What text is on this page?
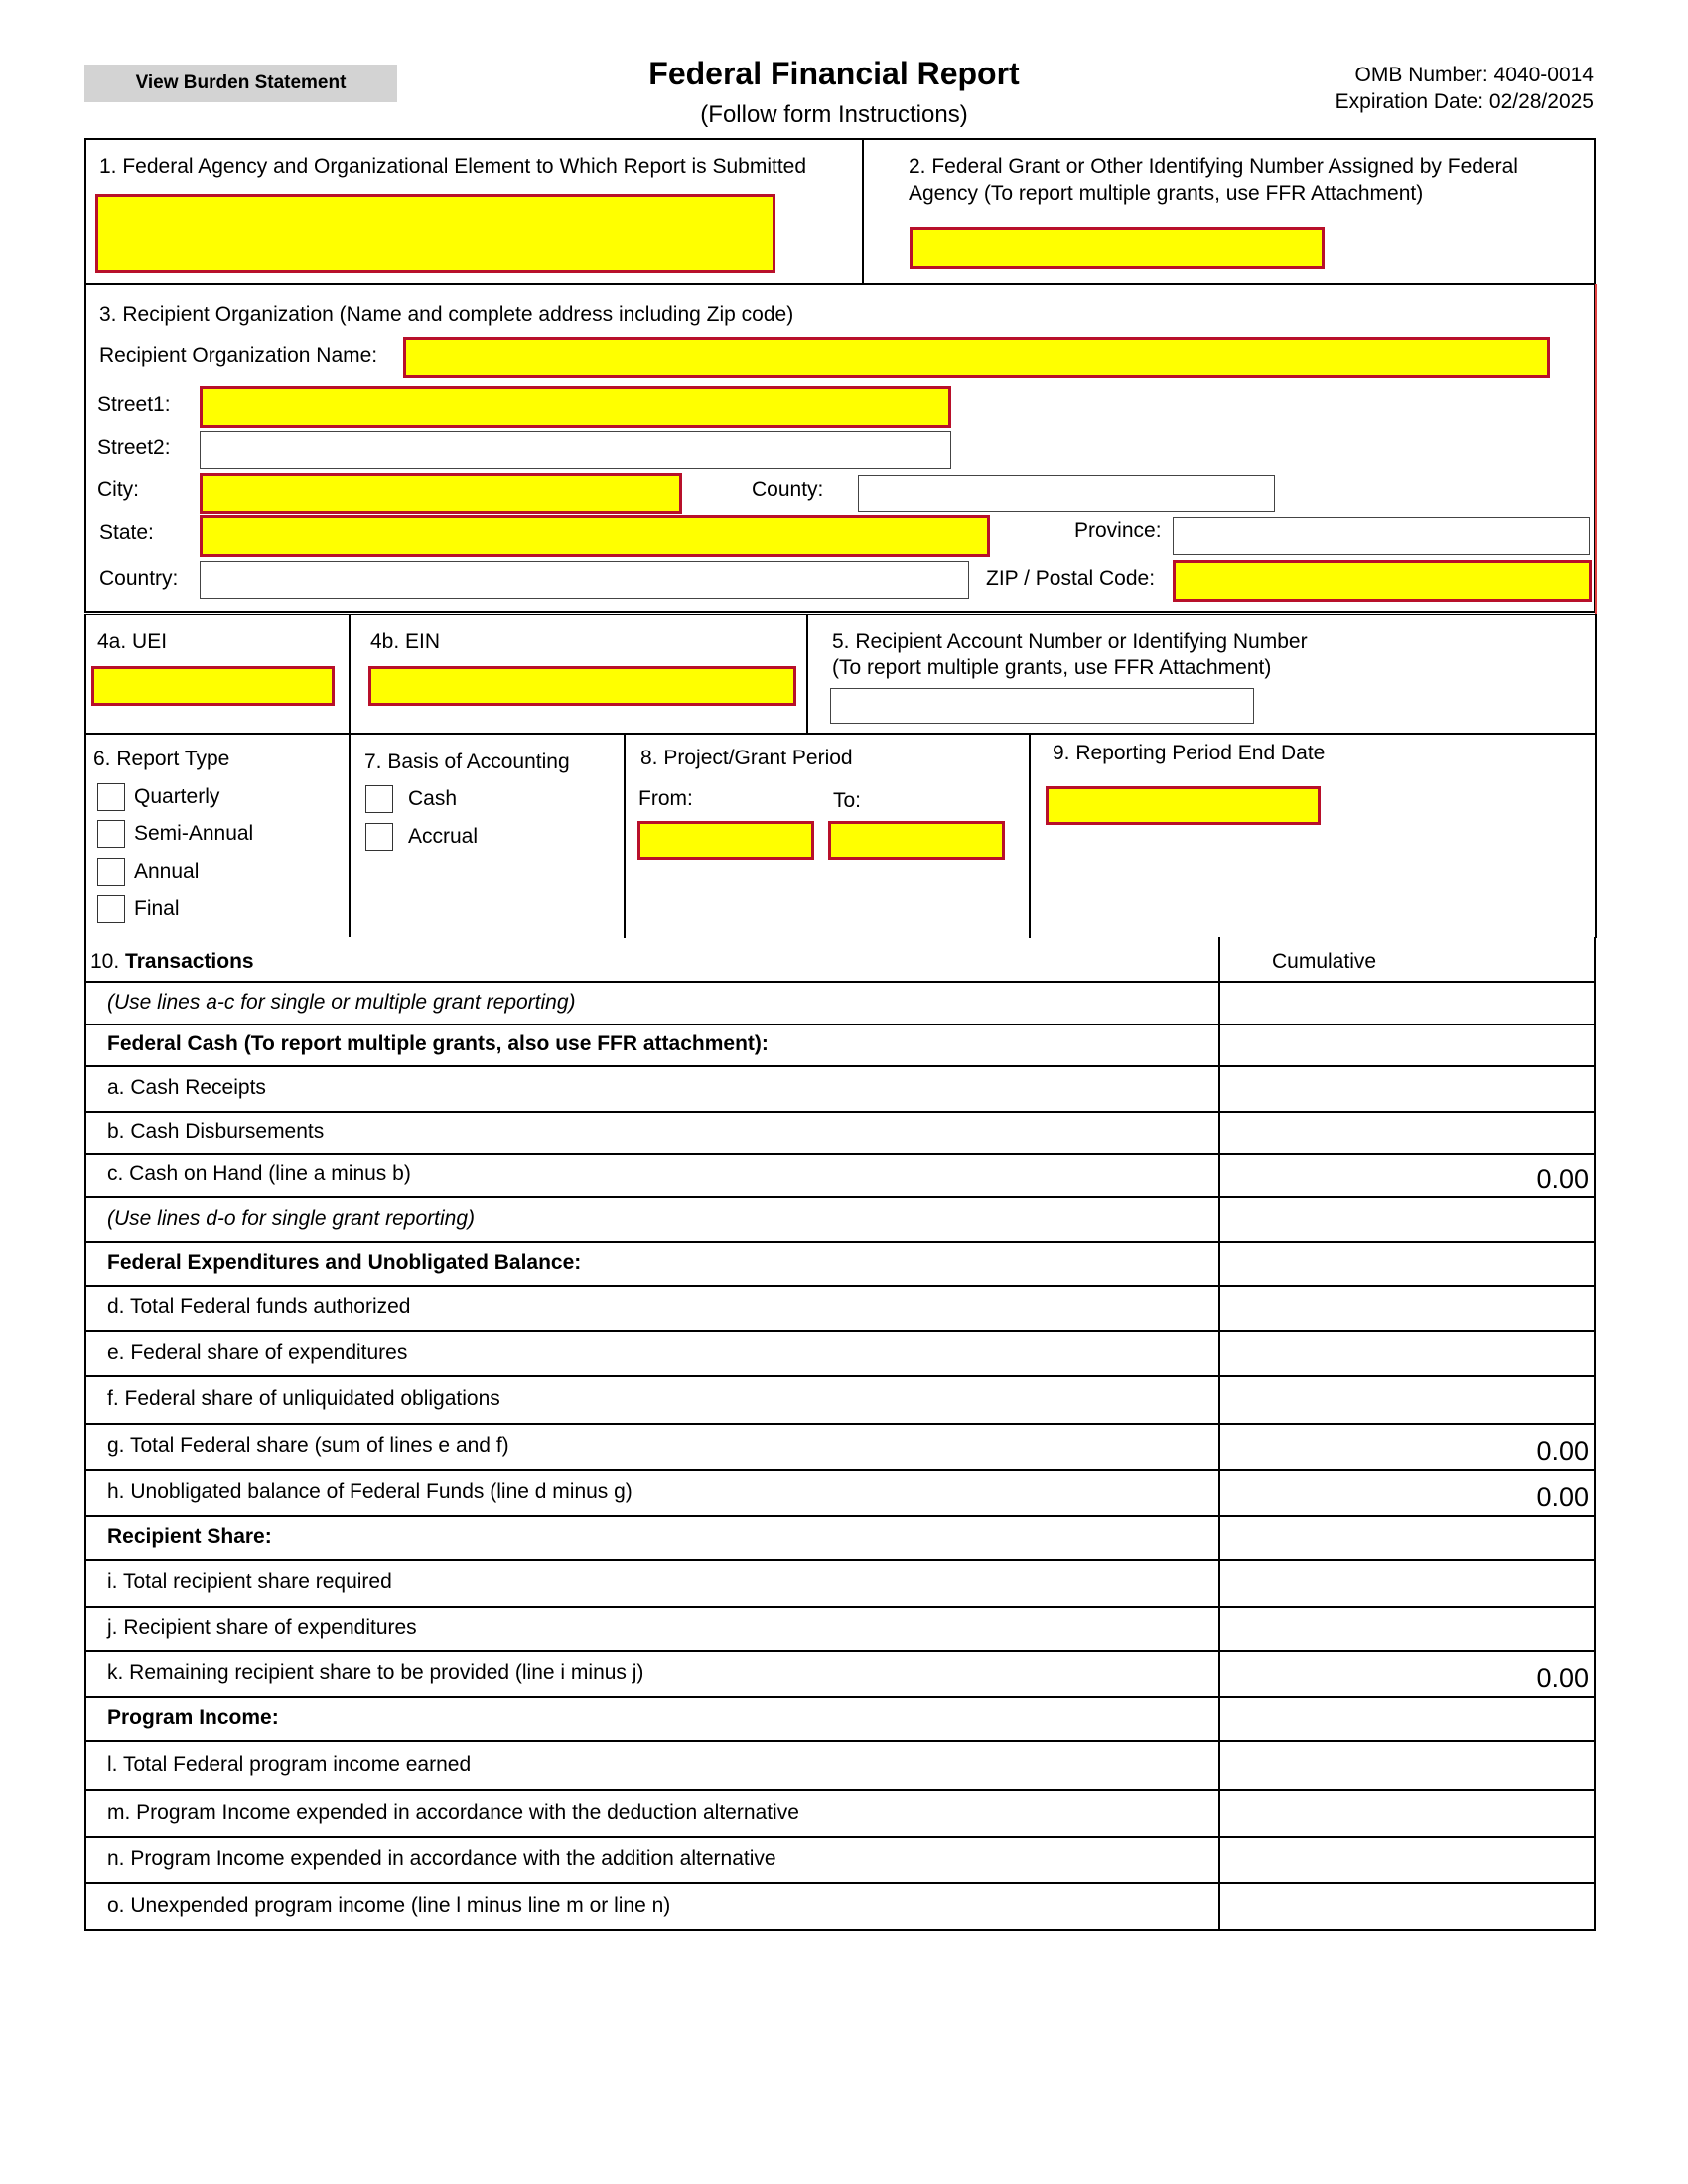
View Burden Statement	Federal Financial Report
(Follow form Instructions)
OMB Number: 4040-0014
Expiration Date: 02/28/2025
1. Federal Agency and Organizational Element to Which Report is Submitted	2. Federal Grant or Other Identifying Number Assigned by Federal
Agency (To report multiple grants, use FFR Attachment)
3. Recipient Organization (Name and complete address including Zip code)
Recipient Organization Name:
Street1:
Street2:
City:	County:
State:	Province:
Country:	ZIP / Postal Code:
4a. UEI	4b. EIN	5. Recipient Account Number or Identifying Number
(To report multiple grants, use FFR Attachment)
6. Report Type
Quarterly
Semi-Annual
Annual
Final
7. Basis of Accounting
Cash
Accrual
8. Project/Grant Period
From:	To:
9. Reporting Period End Date
10. Transactions	Cumulative
(Use lines a-c for single or multiple grant reporting)
Federal Cash (To report multiple grants, also use FFR attachment):
a. Cash Receipts
b. Cash Disbursements
c. Cash on Hand (line a minus b)	0.00
(Use lines d-o for single grant reporting)
Federal Expenditures and Unobligated Balance:
d. Total Federal funds authorized
e. Federal share of expenditures
f. Federal share of unliquidated obligations
g. Total Federal share (sum of lines e and f)	0.00
h. Unobligated balance of Federal Funds (line d minus g)	0.00
Recipient Share:
i. Total recipient share required
j. Recipient share of expenditures
k. Remaining recipient share to be provided (line i minus j)	0.00
Program Income:
l. Total Federal program income earned
m. Program Income expended in accordance with the deduction alternative
n. Program Income expended in accordance with the addition alternative
o. Unexpended program income (line l minus line m or line n)
